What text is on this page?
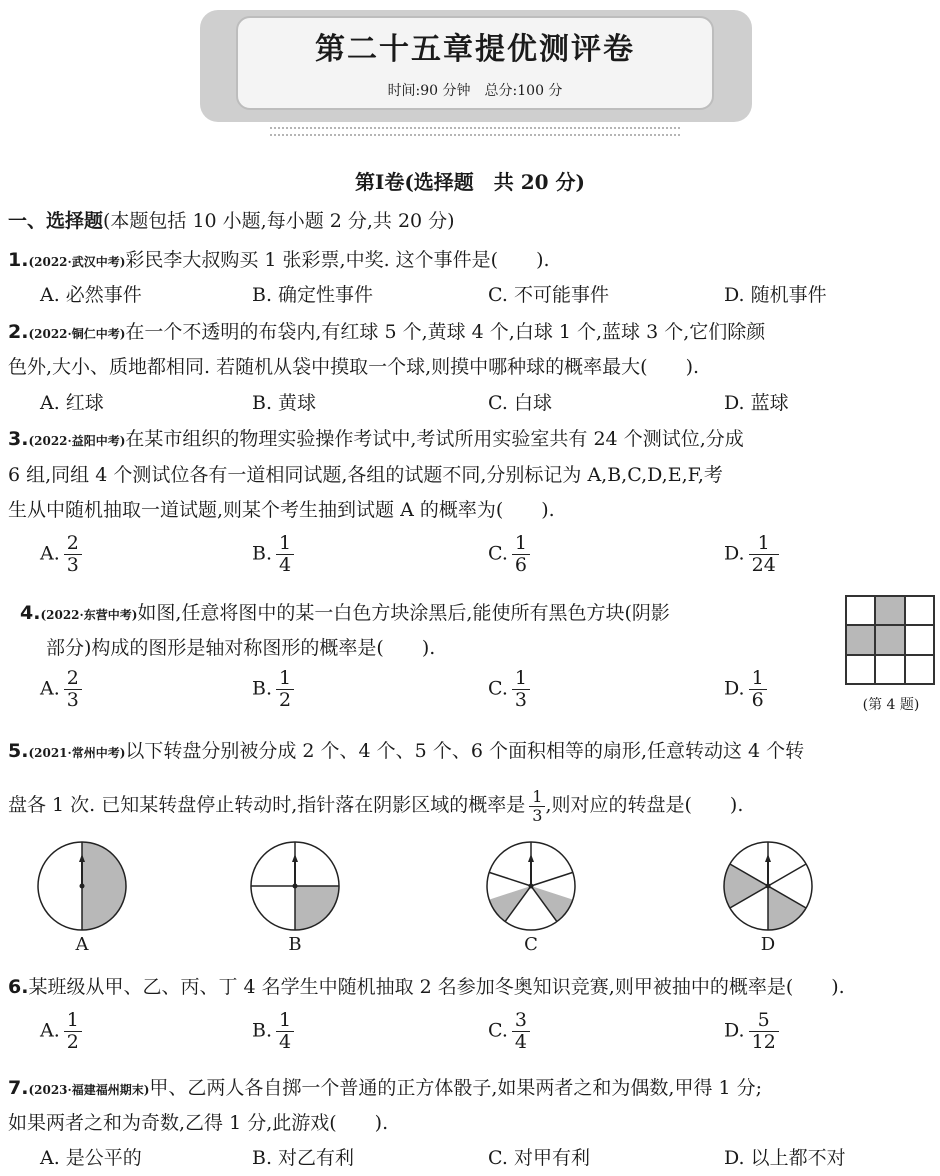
第二十五章提优测评卷
时间:90 分钟　总分:100 分
第Ⅰ卷(选择题　共 20 分)
一、选择题(本题包括 10 小题,每小题 2 分,共 20 分)
1.(2022·武汉中考)彩民李大叔购买 1 张彩票,中奖. 这个事件是(　　).
A. 必然事件	B. 确定性事件	C. 不可能事件	D. 随机事件
2.(2022·铜仁中考)在一个不透明的布袋内,有红球 5 个,黄球 4 个,白球 1 个,蓝球 3 个,它们除颜
色外,大小、质地都相同. 若随机从袋中摸取一个球,则摸中哪种球的概率最大(　　).
A. 红球	B. 黄球	C. 白球	D. 蓝球
3.(2022·益阳中考)在某市组织的物理实验操作考试中,考试所用实验室共有 24 个测试位,分成
6 组,同组 4 个测试位各有一道相同试题,各组的试题不同,分别标记为 A,B,C,D,E,F,考
生从中随机抽取一道试题,则某个考生抽到试题 A 的概率为(　　).
A. $\frac{2}{3}$	B. $\frac{1}{4}$	C. $\frac{1}{6}$	D. $\frac{1}{24}$
4.(2022·东营中考)如图,任意将图中的某一白色方块涂黑后,能使所有黑色方块(阴影
部分)构成的图形是轴对称图形的概率是(　　).
A. $\frac{2}{3}$	B. $\frac{1}{2}$	C. $\frac{1}{3}$	D. $\frac{1}{6}$	(第 4 题)
5.(2021·常州中考)以下转盘分别被分成 2 个、4 个、5 个、6 个面积相等的扇形,任意转动这 4 个转
盘各 1 次. 已知某转盘停止转动时,指针落在阴影区域的概率是 $\frac{1}{3}$ ,则对应的转盘是(　　).
A	B	C	D
6.某班级从甲、乙、丙、丁 4 名学生中随机抽取 2 名参加冬奥知识竞赛,则甲被抽中的概率是(　　).
A. $\frac{1}{2}$	B. $\frac{1}{4}$	C. $\frac{3}{4}$	D. $\frac{5}{12}$
7.(2023·福建福州期末)甲、乙两人各自掷一个普通的正方体骰子,如果两者之和为偶数,甲得 1 分;
如果两者之和为奇数,乙得 1 分,此游戏(　　).
A. 是公平的	B. 对乙有利	C. 对甲有利	D. 以上都不对
